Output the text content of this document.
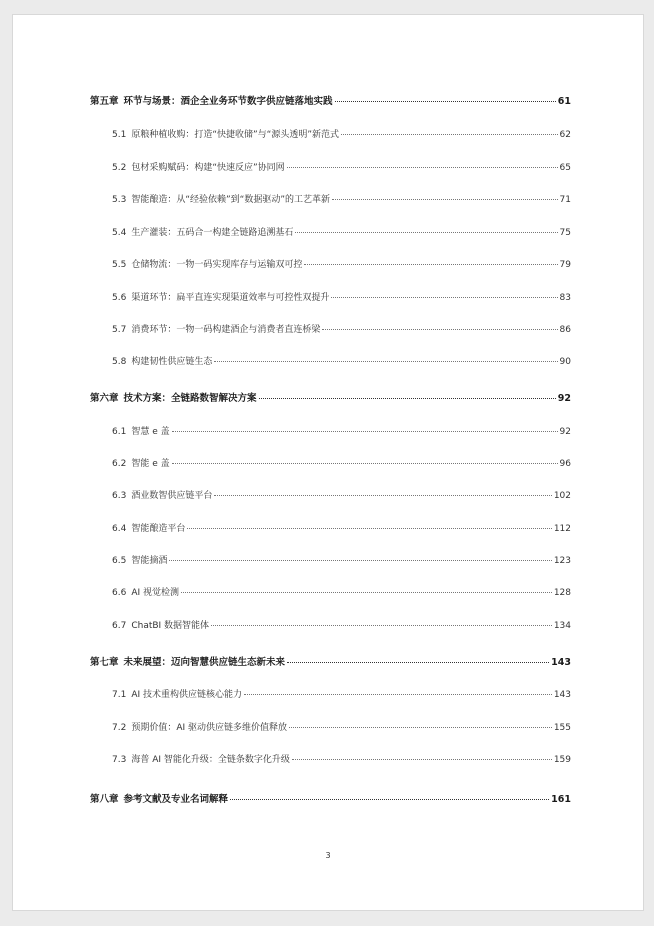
第五章 环节与场景：酒企全业务环节数字供应链落地实践	61
5.1 原粮种植收购：打造“快捷收储”与“源头透明”新范式	62
5.2 包材采购赋码：构建“快速反应”协同网	65
5.3 智能酿造：从“经验依赖”到“数据驱动”的工艺革新	71
5.4 生产灌装：五码合一构建全链路追溯基石	75
5.5 仓储物流：一物一码实现库存与运输双可控	79
5.6 渠道环节：扁平直连实现渠道效率与可控性双提升	83
5.7 消费环节：一物一码构建酒企与消费者直连桥梁	86
5.8 构建韧性供应链生态	90
第六章 技术方案：全链路数智解决方案	92
6.1 智慧 e 盖	92
6.2 智能 e 盖	96
6.3 酒业数智供应链平台	102
6.4 智能酿造平台	112
6.5 智能摘酒	123
6.6 AI 视觉检测	128
6.7 ChatBI 数据智能体	134
第七章 未来展望：迈向智慧供应链生态新未来	143
7.1 AI 技术重构供应链核心能力	143
7.2 预期价值：AI 驱动供应链多维价值释放	155
7.3 海普 AI 智能化升级：全链条数字化升级	159
第八章 参考文献及专业名词解释	161
3
